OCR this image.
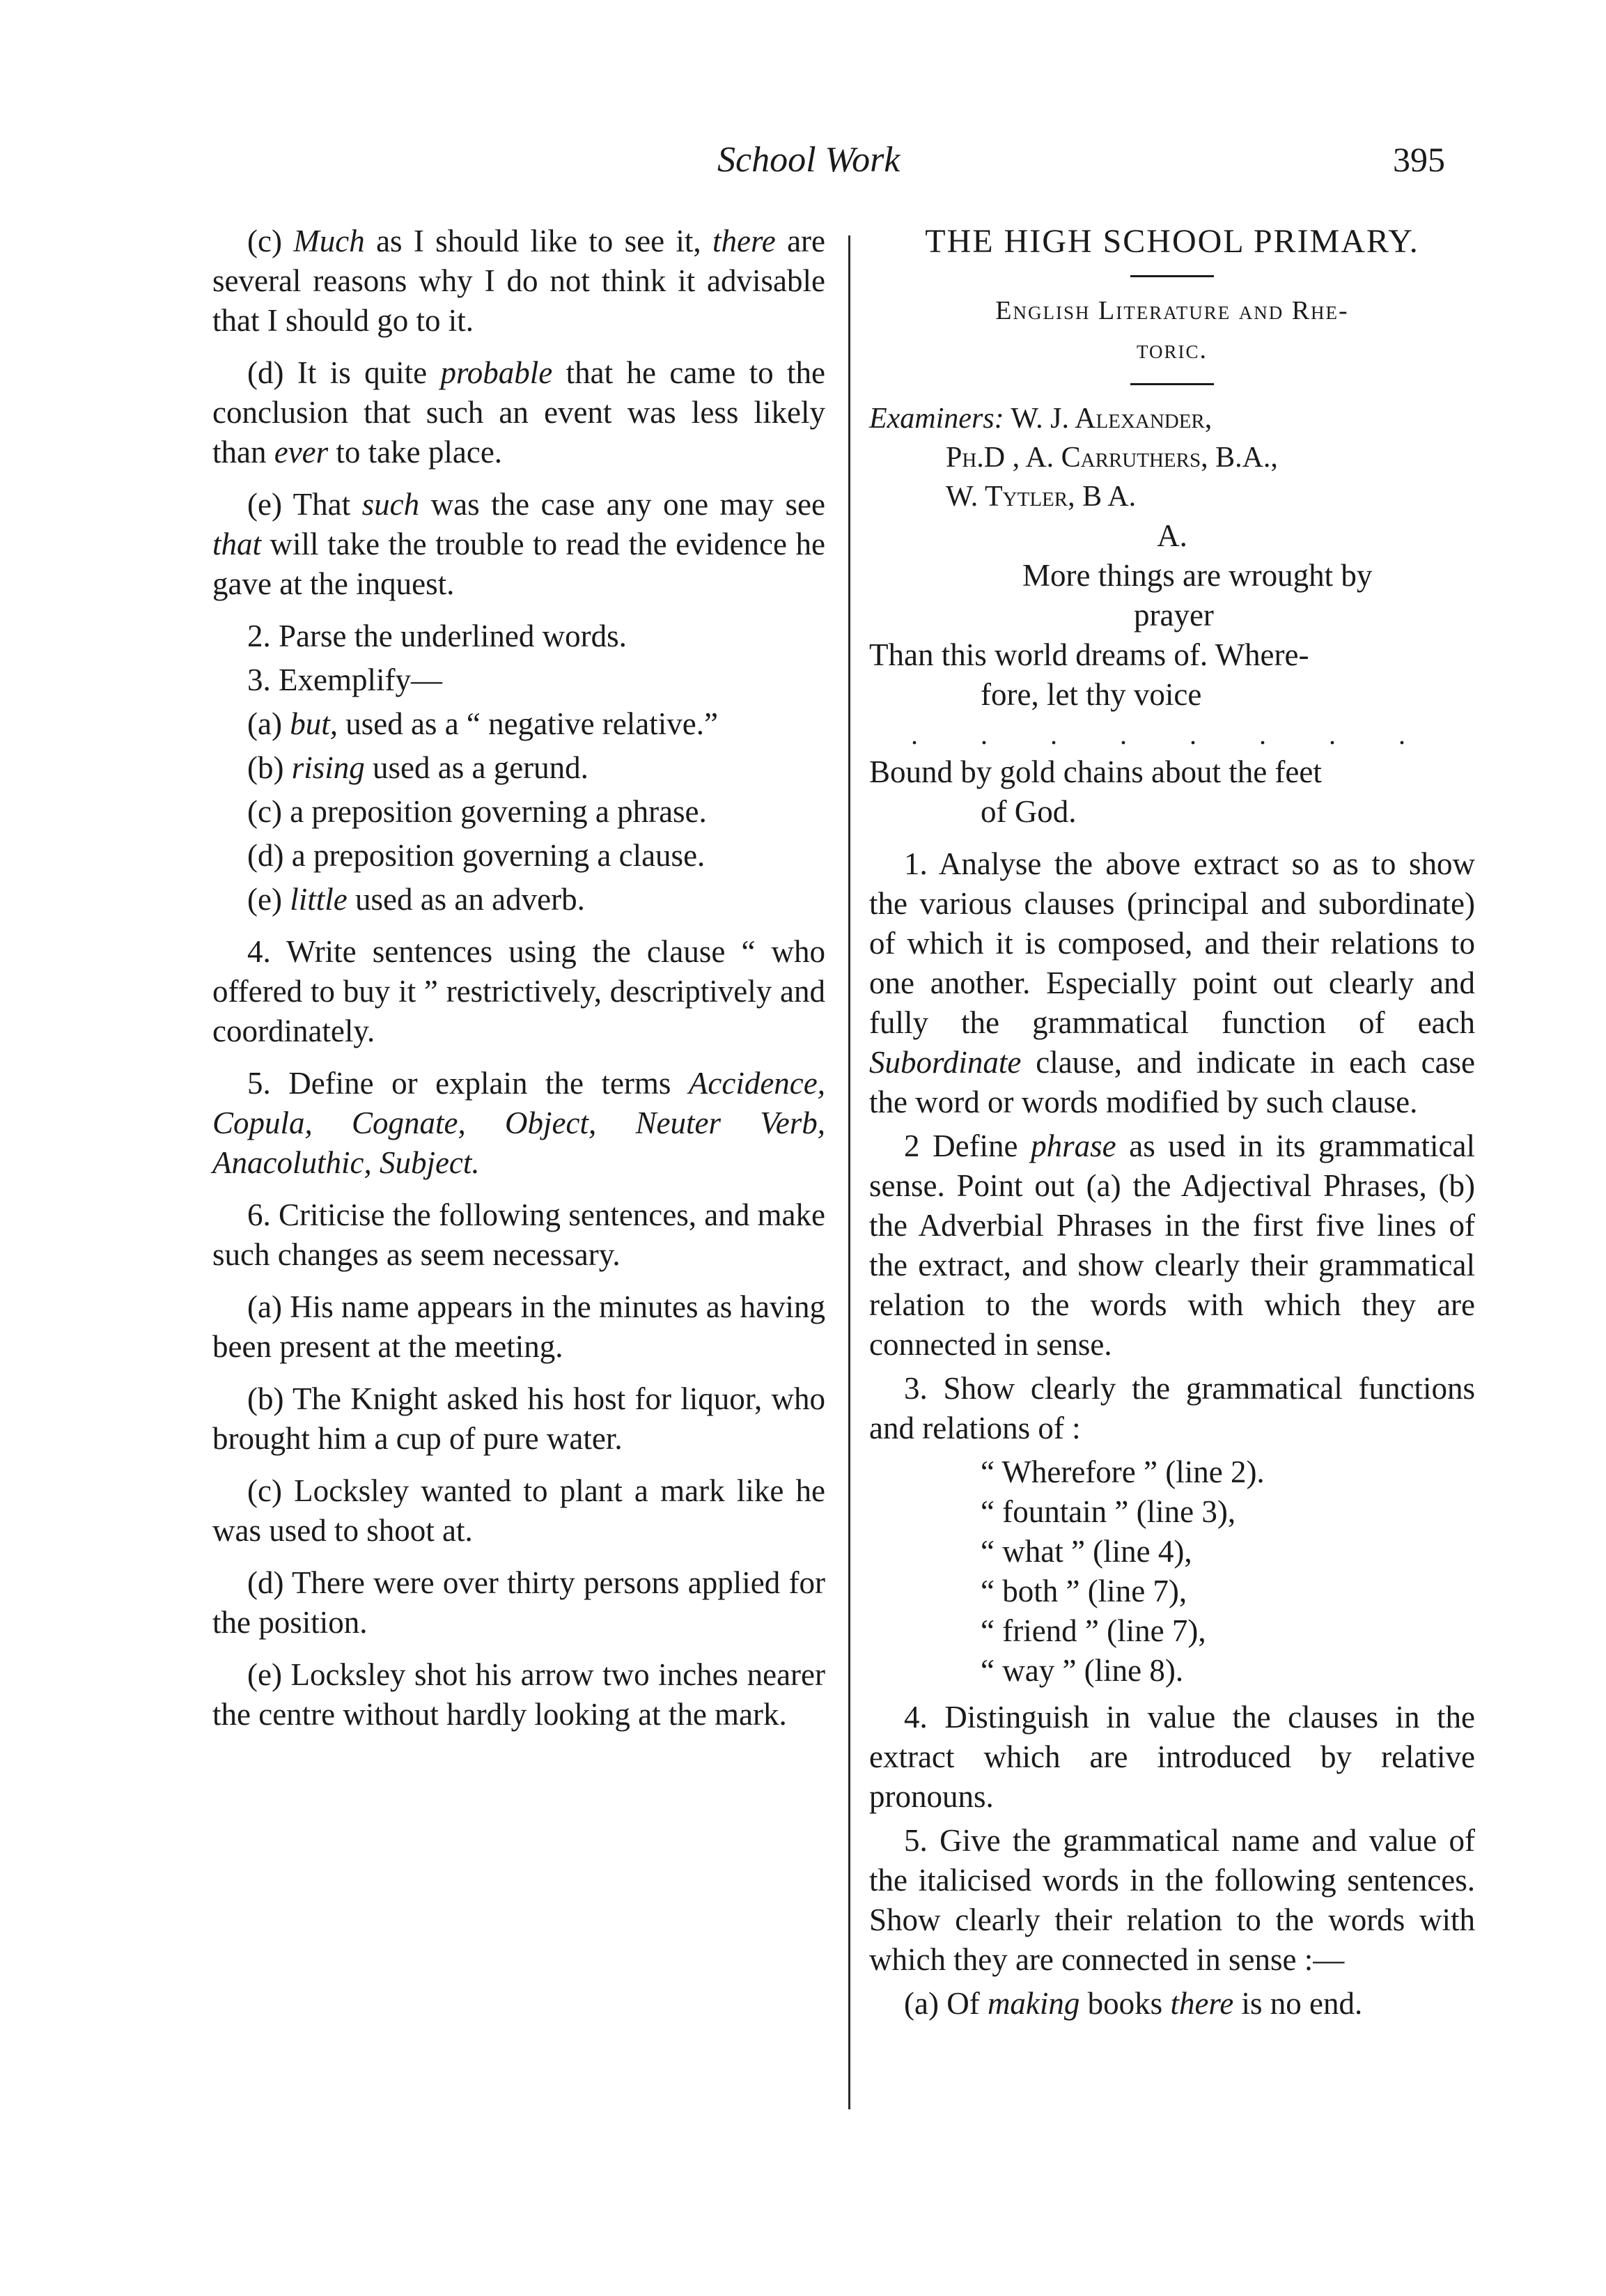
School Work	395

(c) Much as I should like to see it, there are several reasons why I do not think it advisable that I should go to it.

(d) It is quite probable that he came to the conclusion that such an event was less likely than ever to take place.

(e) That such was the case any one may see that will take the trouble to read the evidence he gave at the inquest.

2. Parse the underlined words.

3. Exemplify—

(a) but, used as a “ negative relative.”

(b) rising used as a gerund.

(c) a preposition governing a phrase.

(d) a preposition governing a clause.

(e) little used as an adverb.

4. Write sentences using the clause “ who offered to buy it ” restrictively, descriptively and coordinately.

5. Define or explain the terms Accidence, Copula, Cognate, Object, Neuter Verb, Anacoluthic, Subject.

6. Criticise the following sentences, and make such changes as seem necessary.

(a) His name appears in the minutes as having been present at the meeting.

(b) The Knight asked his host for liquor, who brought him a cup of pure water.

(c) Locksley wanted to plant a mark like he was used to shoot at.

(d) There were over thirty persons applied for the position.

(e) Locksley shot his arrow two inches nearer the centre without hardly looking at the mark.

THE HIGH SCHOOL PRIMARY.
English Literature and Rhe-
toric.
Examiners: W. J. Alexander,
Ph.D , A. Carruthers, B.A.,
W. Tytler, B A.
A.
More things are wrought by
prayer
Than this world dreams of. Where-
fore, let thy voice
. . . . . . . .
Bound by gold chains about the feet
of God.

1. Analyse the above extract so as to show the various clauses (principal and subordinate) of which it is composed, and their relations to one another. Especially point out clearly and fully the grammatical function of each Subordinate clause, and indicate in each case the word or words modified by such clause.

2 Define phrase as used in its grammatical sense. Point out (a) the Adjectival Phrases, (b) the Adverbial Phrases in the first five lines of the extract, and show clearly their grammatical relation to the words with which they are connected in sense.

3. Show clearly the grammatical functions and relations of :

“ Wherefore ” (line 2).
“ fountain ” (line 3),
“ what ” (line 4),
“ both ” (line 7),
“ friend ” (line 7),
“ way ” (line 8).

4. Distinguish in value the clauses in the extract which are introduced by relative pronouns.

5. Give the grammatical name and value of the italicised words in the following sentences. Show clearly their relation to the words with which they are connected in sense :—

(a) Of making books there is no end.
